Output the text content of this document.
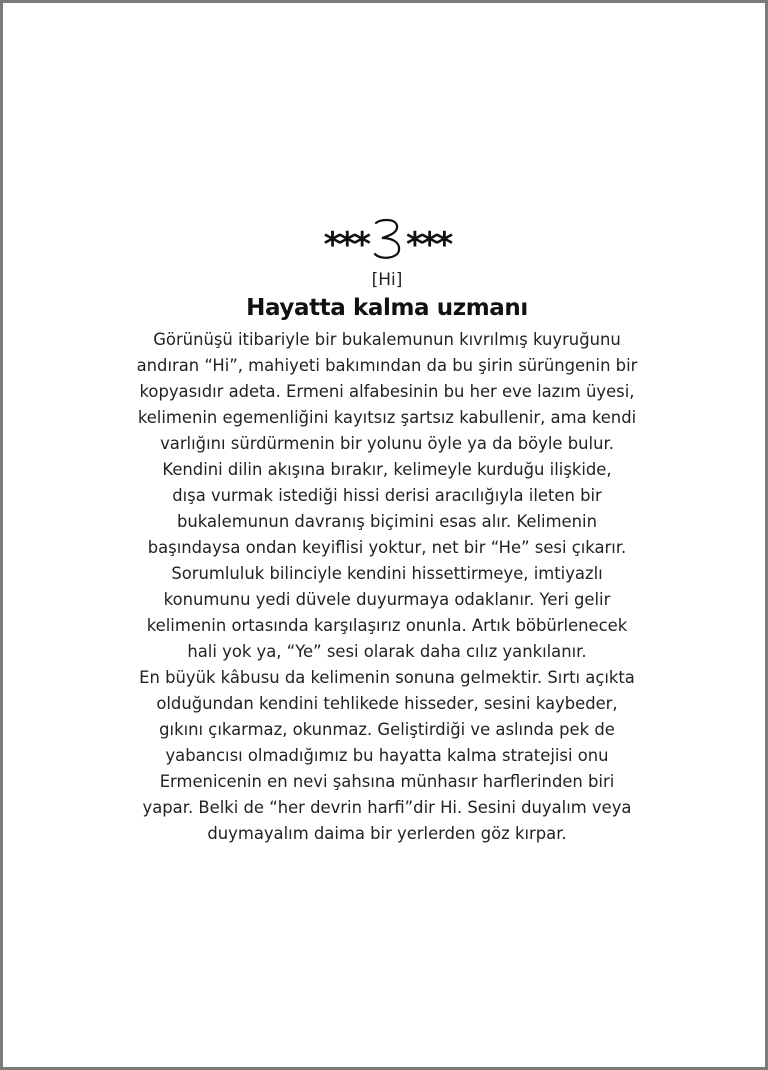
*** ***
[Hi]
Hayatta kalma uzmanı
Görünüşü itibariyle bir bukalemunun kıvrılmış kuyruğunu
andıran “Hi”, mahiyeti bakımından da bu şirin sürüngenin bir
kopyasıdır adeta. Ermeni alfabesinin bu her eve lazım üyesi,
kelimenin egemenliğini kayıtsız şartsız kabullenir, ama kendi
varlığını sürdürmenin bir yolunu öyle ya da böyle bulur.
Kendini dilin akışına bırakır, kelimeyle kurduğu ilişkide,
dışa vurmak istediği hissi derisi aracılığıyla ileten bir
bukalemunun davranış biçimini esas alır. Kelimenin
başındaysa ondan keyiflisi yoktur, net bir “He” sesi çıkarır.
Sorumluluk bilinciyle kendini hissettirmeye, imtiyazlı
konumunu yedi düvele duyurmaya odaklanır. Yeri gelir
kelimenin ortasında karşılaşırız onunla. Artık böbürlenecek
hali yok ya, “Ye” sesi olarak daha cılız yankılanır.
En büyük kâbusu da kelimenin sonuna gelmektir. Sırtı açıkta
olduğundan kendini tehlikede hisseder, sesini kaybeder,
gıkını çıkarmaz, okunmaz. Geliştirdiği ve aslında pek de
yabancısı olmadığımız bu hayatta kalma stratejisi onu
Ermenicenin en nevi şahsına münhasır harflerinden biri
yapar. Belki de “her devrin harfi”dir Hi. Sesini duyalım veya
duymayalım daima bir yerlerden göz kırpar.
